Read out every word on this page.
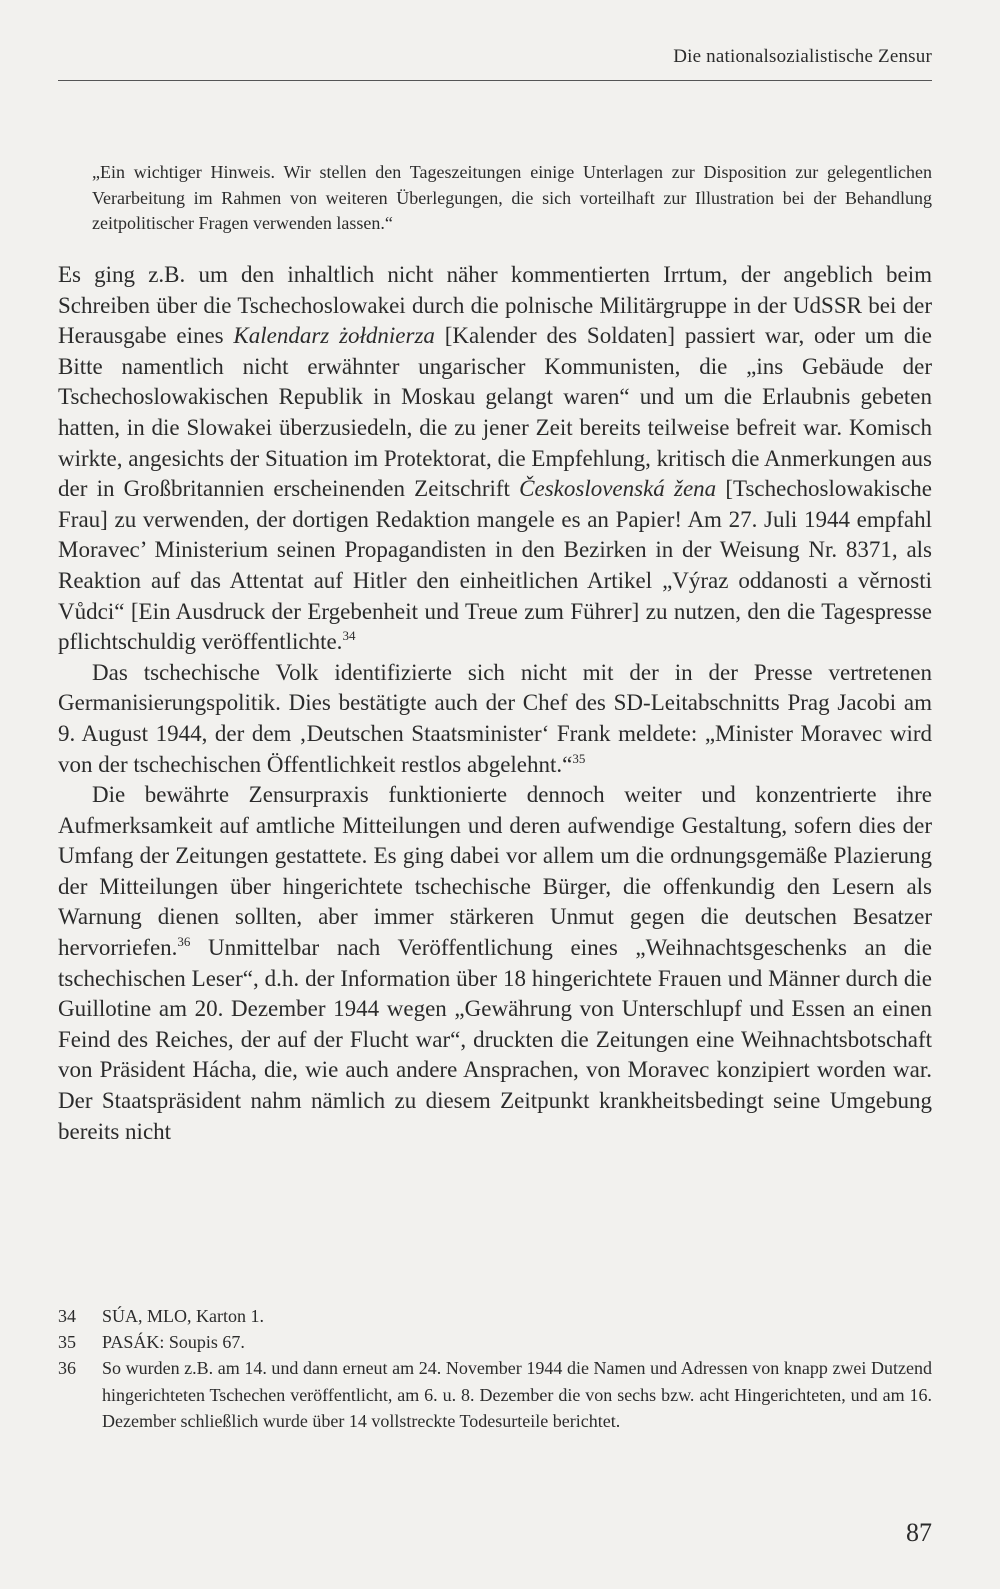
Die nationalsozialistische Zensur
„Ein wichtiger Hinweis. Wir stellen den Tageszeitungen einige Unterlagen zur Disposition zur gelegentlichen Verarbeitung im Rahmen von weiteren Überlegungen, die sich vorteilhaft zur Illustration bei der Behandlung zeitpolitischer Fragen verwenden lassen.“

Es ging z.B. um den inhaltlich nicht näher kommentierten Irrtum, der angeblich beim Schreiben über die Tschechoslowakei durch die polnische Militärgruppe in der UdSSR bei der Herausgabe eines Kalendarz żołdnierza [Kalender des Soldaten] passiert war, oder um die Bitte namentlich nicht erwähnter ungarischer Kommunisten, die „ins Gebäude der Tschechoslowakischen Republik in Moskau gelangt waren“ und um die Erlaubnis gebeten hatten, in die Slowakei überzusiedeln, die zu jener Zeit bereits teilweise befreit war. Komisch wirkte, angesichts der Situation im Protektorat, die Empfehlung, kritisch die Anmerkungen aus der in Großbritannien erscheinenden Zeitschrift Československá žena [Tschechoslowakische Frau] zu verwenden, der dortigen Redaktion mangele es an Papier! Am 27. Juli 1944 empfahl Moravec’ Ministerium seinen Propagandisten in den Bezirken in der Weisung Nr. 8371, als Reaktion auf das Attentat auf Hitler den einheitlichen Artikel „Výraz oddanosti a věrnosti Vůdci“ [Ein Ausdruck der Ergebenheit und Treue zum Führer] zu nutzen, den die Tagespresse pflichtschuldig veröffentlichte.$^{34}$

Das tschechische Volk identifizierte sich nicht mit der in der Presse vertretenen Germanisierungspolitik. Dies bestätigte auch der Chef des SD-Leitabschnitts Prag Jacobi am 9. August 1944, der dem ‚Deutschen Staatsminister‘ Frank meldete: „Minister Moravec wird von der tschechischen Öffentlichkeit restlos abgelehnt.“$^{35}$

Die bewährte Zensurpraxis funktionierte dennoch weiter und konzentrierte ihre Aufmerksamkeit auf amtliche Mitteilungen und deren aufwendige Gestaltung, sofern dies der Umfang der Zeitungen gestattete. Es ging dabei vor allem um die ordnungsgemäße Plazierung der Mitteilungen über hingerichtete tschechische Bürger, die offenkundig den Lesern als Warnung dienen sollten, aber immer stärkeren Unmut gegen die deutschen Besatzer hervorriefen.$^{36}$ Unmittelbar nach Veröffentlichung eines „Weihnachtsgeschenks an die tschechischen Leser“, d.h. der Information über 18 hingerichtete Frauen und Männer durch die Guillotine am 20. Dezember 1944 wegen „Gewährung von Unterschlupf und Essen an einen Feind des Reiches, der auf der Flucht war“, druckten die Zeitungen eine Weihnachtsbotschaft von Präsident Hácha, die, wie auch andere Ansprachen, von Moravec konzipiert worden war. Der Staatspräsident nahm nämlich zu diesem Zeitpunkt krankheitsbedingt seine Umgebung bereits nicht

34	SÚA, MLO, Karton 1.
35	PASÁK: Soupis 67.
36	So wurden z.B. am 14. und dann erneut am 24. November 1944 die Namen und Adressen von knapp zwei Dutzend hingerichteten Tschechen veröffentlicht, am 6. u. 8. Dezember die von sechs bzw. acht Hingerichteten, und am 16. Dezember schließlich wurde über 14 vollstreckte Todesurteile berichtet.
87
